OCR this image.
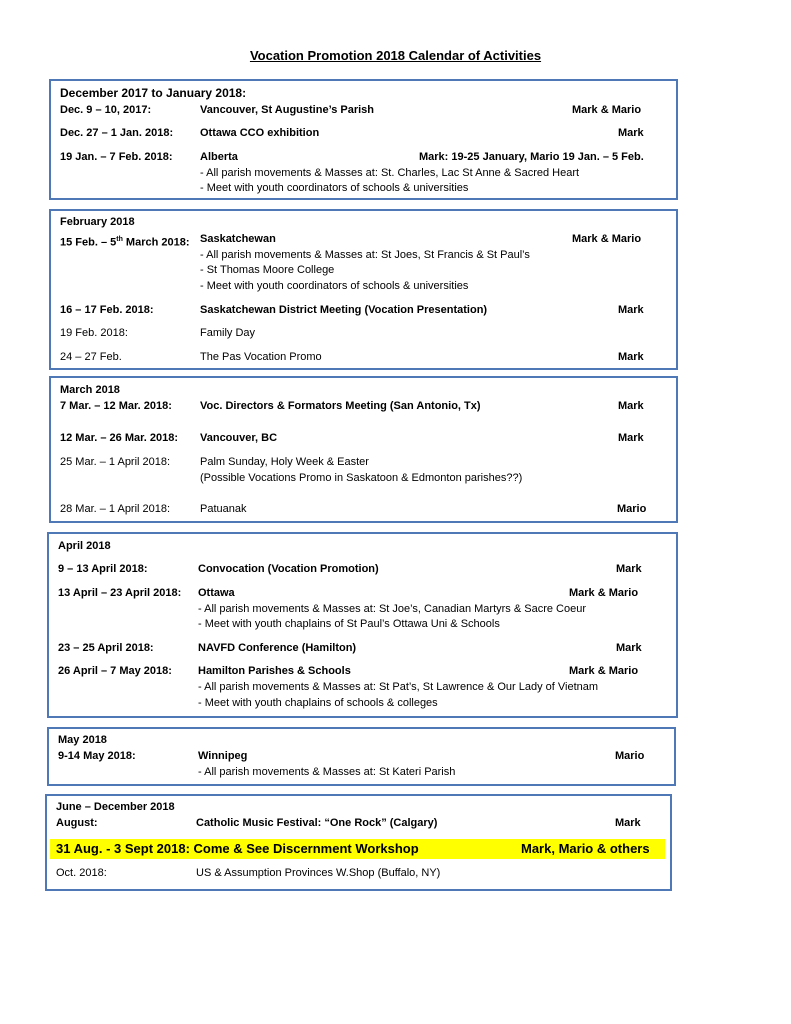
Vocation Promotion 2018 Calendar of Activities
December 2017 to January 2018:
Dec. 9 – 10, 2017:	Vancouver, St Augustine’s Parish	Mark & Mario
Dec. 27 – 1 Jan. 2018: Ottawa CCO exhibition	Mark
19 Jan. – 7 Feb. 2018: Alberta	Mark: 19-25 January, Mario 19 Jan. – 5 Feb.
- All parish movements & Masses at: St. Charles, Lac St Anne & Sacred Heart
- Meet with youth coordinators of schools & universities
February 2018
15 Feb. – 5th March 2018: Saskatchewan	Mark & Mario
- All parish movements & Masses at: St Joes, St Francis & St Paul’s
- St Thomas Moore College
- Meet with youth coordinators of schools & universities
16 – 17 Feb. 2018:	Saskatchewan District Meeting (Vocation Presentation)	Mark
19 Feb. 2018:	Family Day
24 – 27 Feb.	The Pas Vocation Promo	Mark
March 2018
7 Mar. – 12 Mar. 2018:	Voc. Directors & Formators Meeting (San Antonio, Tx)	Mark
12 Mar. – 26 Mar. 2018: Vancouver, BC	Mark
25 Mar. – 1 April 2018:	Palm Sunday, Holy Week & Easter
(Possible Vocations Promo in Saskatoon & Edmonton parishes??)
28 Mar. – 1 April 2018:	Patuanak	Mario
April 2018
9 – 13 April 2018:	Convocation (Vocation Promotion)	Mark
13 April – 23 April 2018: Ottawa	Mark & Mario
- All parish movements & Masses at: St Joe’s, Canadian Martyrs & Sacre Coeur
- Meet with youth chaplains of St Paul’s Ottawa Uni & Schools
23 – 25 April 2018:	NAVFD Conference (Hamilton)	Mark
26 April – 7 May 2018: Hamilton Parishes & Schools	Mark & Mario
- All parish movements & Masses at: St Pat’s, St Lawrence & Our Lady of Vietnam
- Meet with youth chaplains of schools & colleges
May 2018
9-14 May 2018:	Winnipeg	Mario
- All parish movements & Masses at: St Kateri Parish
June – December 2018
August:	Catholic Music Festival: “One Rock” (Calgary)	Mark
31 Aug. - 3 Sept 2018: Come & See Discernment Workshop	Mark, Mario & others
Oct. 2018:	US & Assumption Provinces W.Shop (Buffalo, NY)
